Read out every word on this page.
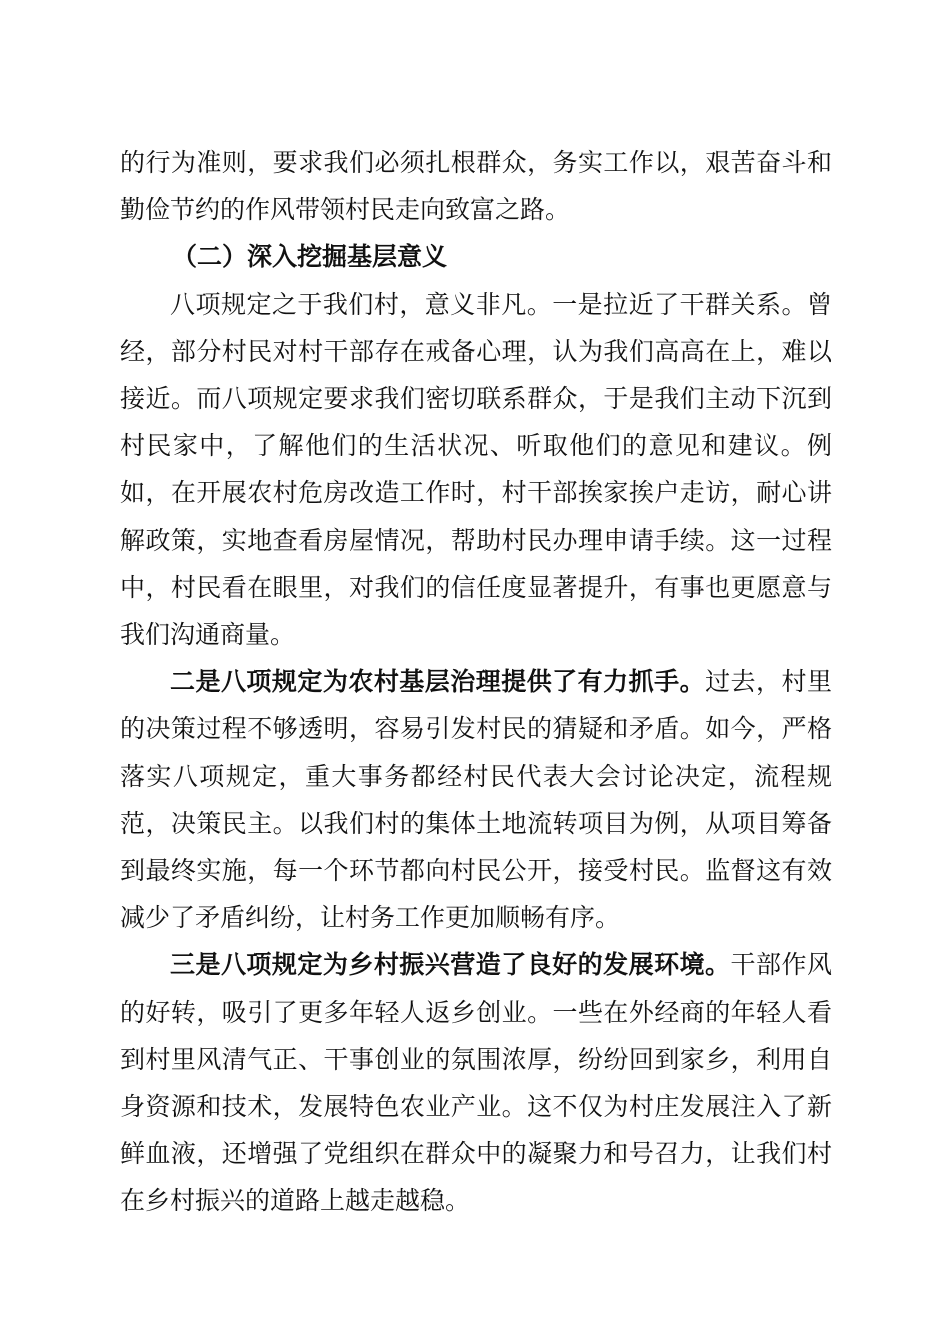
的行为准则，要求我们必须扎根群众，务实工作以，艰苦奋斗和勤俭节约的作风带领村民走向致富之路。

（二）深入挖掘基层意义

八项规定之于我们村，意义非凡。一是拉近了干群关系。曾经，部分村民对村干部存在戒备心理，认为我们高高在上，难以接近。而八项规定要求我们密切联系群众，于是我们主动下沉到村民家中，了解他们的生活状况、听取他们的意见和建议。例如，在开展农村危房改造工作时，村干部挨家挨户走访，耐心讲解政策，实地查看房屋情况，帮助村民办理申请手续。这一过程中，村民看在眼里，对我们的信任度显著提升，有事也更愿意与我们沟通商量。

二是八项规定为农村基层治理提供了有力抓手。过去，村里的决策过程不够透明，容易引发村民的猜疑和矛盾。如今，严格落实八项规定，重大事务都经村民代表大会讨论决定，流程规范，决策民主。以我们村的集体土地流转项目为例，从项目筹备到最终实施，每一个环节都向村民公开，接受村民。监督这有效减少了矛盾纠纷，让村务工作更加顺畅有序。

三是八项规定为乡村振兴营造了良好的发展环境。干部作风的好转，吸引了更多年轻人返乡创业。一些在外经商的年轻人看到村里风清气正、干事创业的氛围浓厚，纷纷回到家乡，利用自身资源和技术，发展特色农业产业。这不仅为村庄发展注入了新鲜血液，还增强了党组织在群众中的凝聚力和号召力，让我们村在乡村振兴的道路上越走越稳。
